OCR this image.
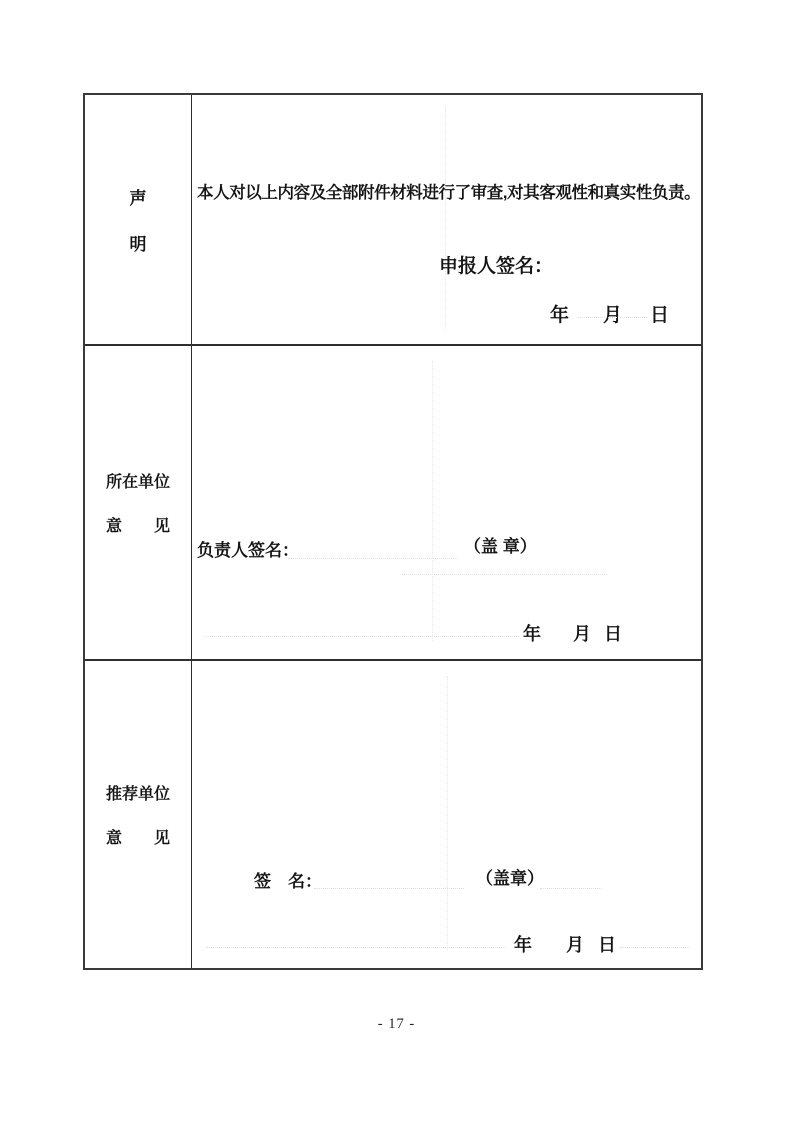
声
明

本人对以上内容及全部附件材料进行了审查,对其客观性和真实性负责。

申报人签名：
年 月 日
所在单位
意 见
负责人签名：	（盖 章）
年 月 日
推荐单位
意 见
签　名：	（盖章）
年 月 日
- 17 -
